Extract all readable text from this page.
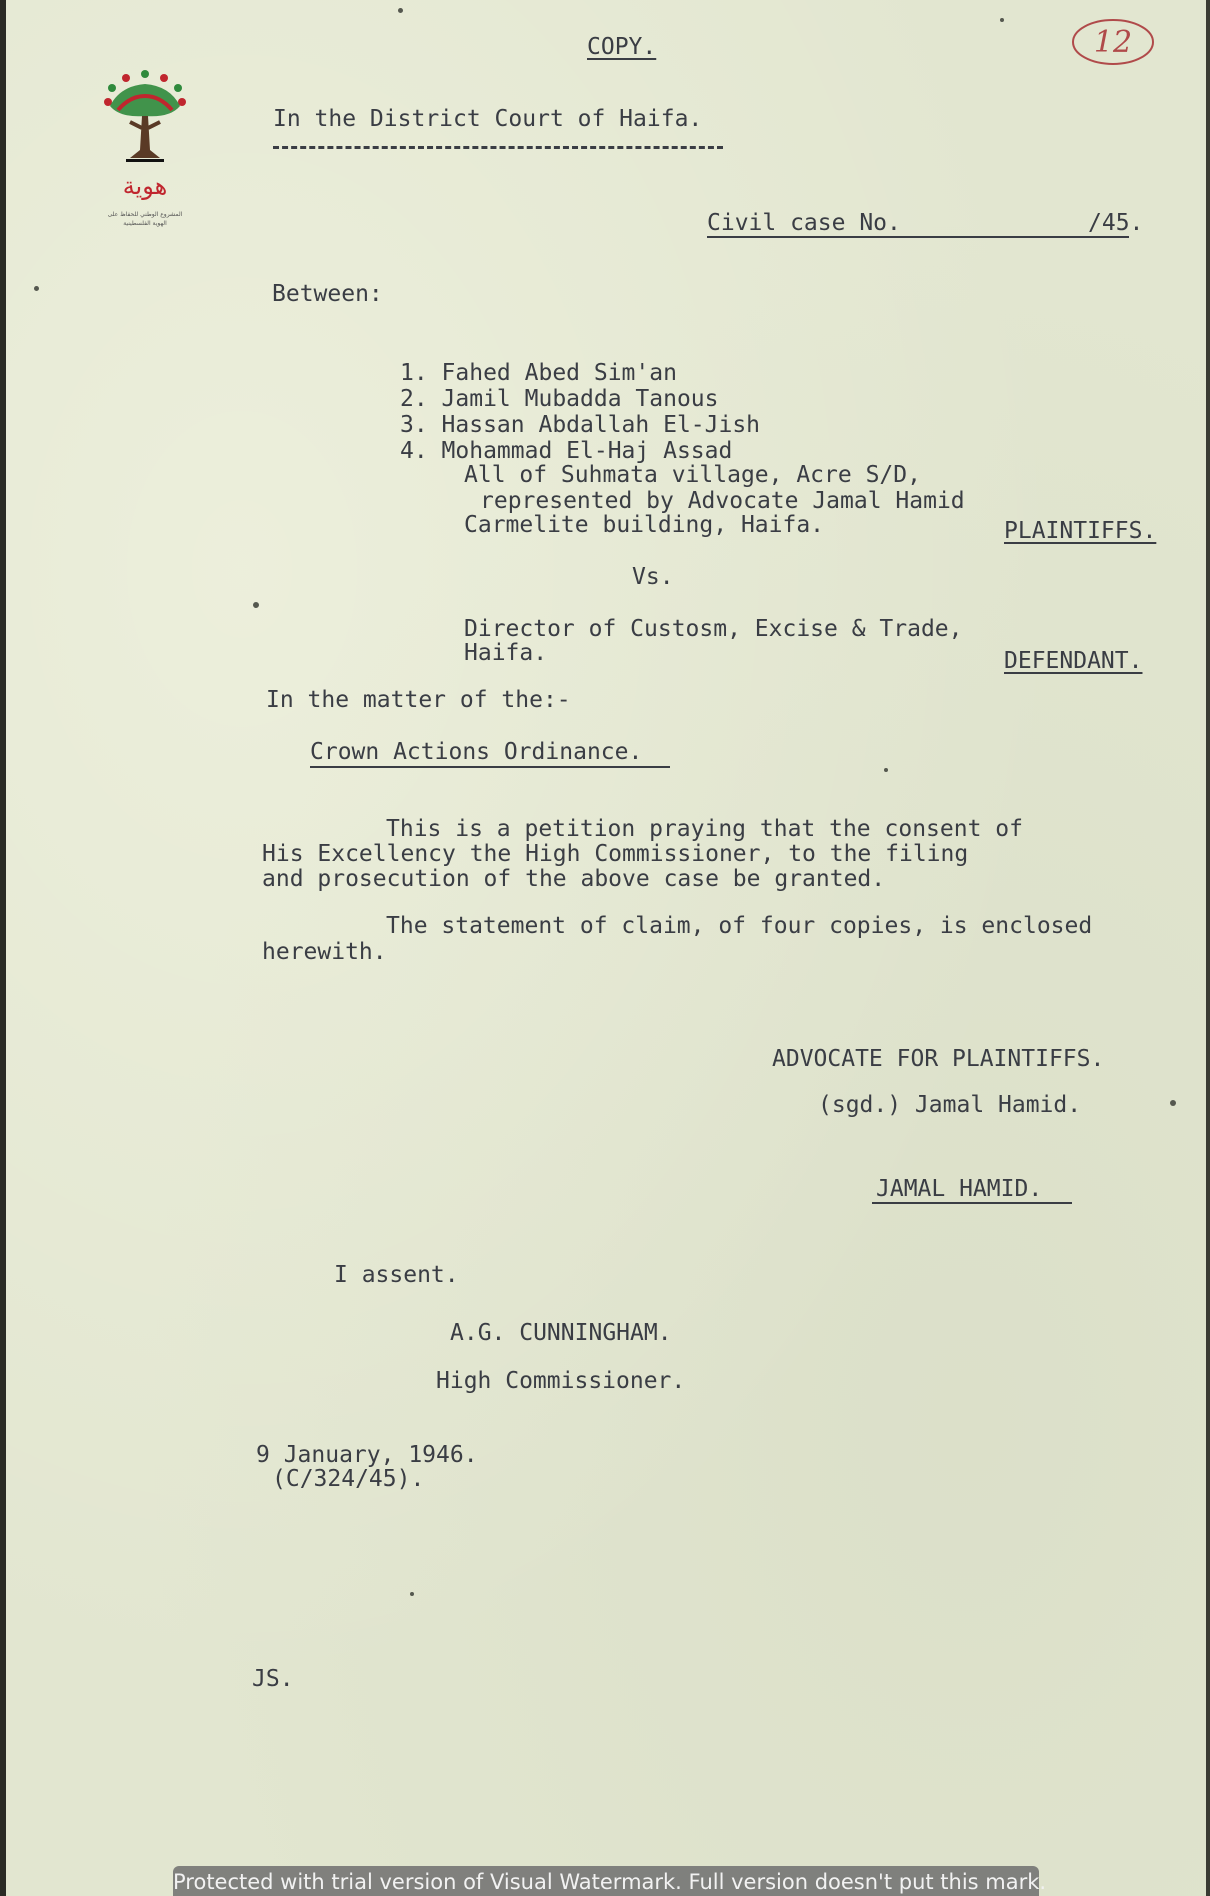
هوية
المشروع الوطني للحفاظ على
الهوية الفلسطينية
12
COPY.
In the District Court of Haifa.
Civil case No.	/45.
Between:
1. Fahed Abed Sim'an
2. Jamil Mubadda Tanous
3. Hassan Abdallah El-Jish
4. Mohammad El-Haj Assad
All of Suhmata village, Acre S/D,
represented by Advocate Jamal Hamid
Carmelite building, Haifa.	PLAINTIFFS.
Vs.
Director of Custosm, Excise & Trade,
Haifa.	DEFENDANT.
In the matter of the:-
Crown Actions Ordinance.
This is a petition praying that the consent of
His Excellency the High Commissioner, to the filing
and prosecution of the above case be granted.
The statement of claim, of four copies, is enclosed
herewith.
ADVOCATE FOR PLAINTIFFS.
(sgd.) Jamal Hamid.
JAMAL HAMID.
I assent.
A.G. CUNNINGHAM.
High Commissioner.
9 January, 1946.
(C/324/45).
JS.
Protected with trial version of Visual Watermark. Full version doesn't put this mark.
